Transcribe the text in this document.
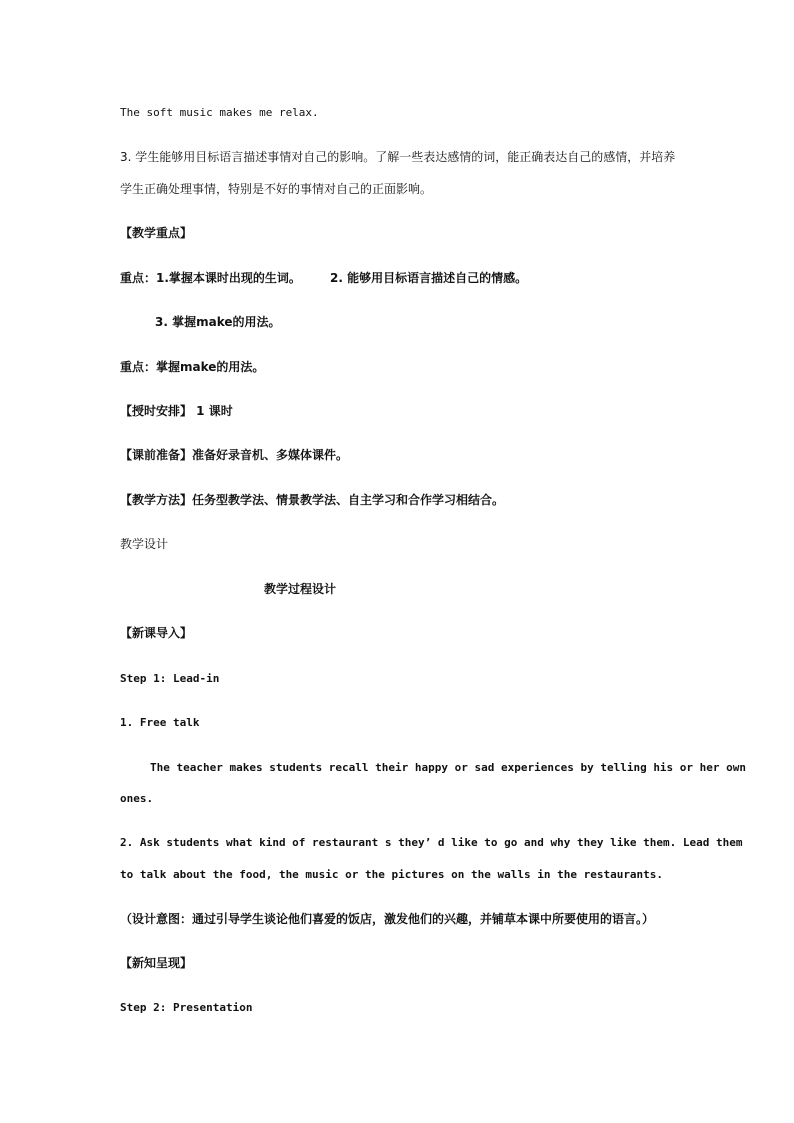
The soft music makes me relax.
3. 学生能够用目标语言描述事情对自己的影响。了解一些表达感情的词，能正确表达自己的感情，并培养
学生正确处理事情，特别是不好的事情对自己的正面影响。
【教学重点】
重点：1.掌握本课时出现的生词。 2. 能够用目标语言描述自己的情感。
3. 掌握make的用法。
重点：掌握make的用法。
【授时安排】 1 课时
【课前准备】准备好录音机、多媒体课件。
【教学方法】任务型教学法、情景教学法、自主学习和合作学习相结合。
教学设计
教学过程设计
【新课导入】
Step 1: Lead-in
1. Free talk
The teacher makes students recall their happy or sad experiences by telling his or her own
ones.
2. Ask students what kind of restaurant s they’ d like to go and why they like them. Lead them
to talk about the food, the music or the pictures on the walls in the restaurants.
（设计意图：通过引导学生谈论他们喜爱的饭店，激发他们的兴趣，并铺草本课中所要使用的语言。）
【新知呈现】
Step 2: Presentation
